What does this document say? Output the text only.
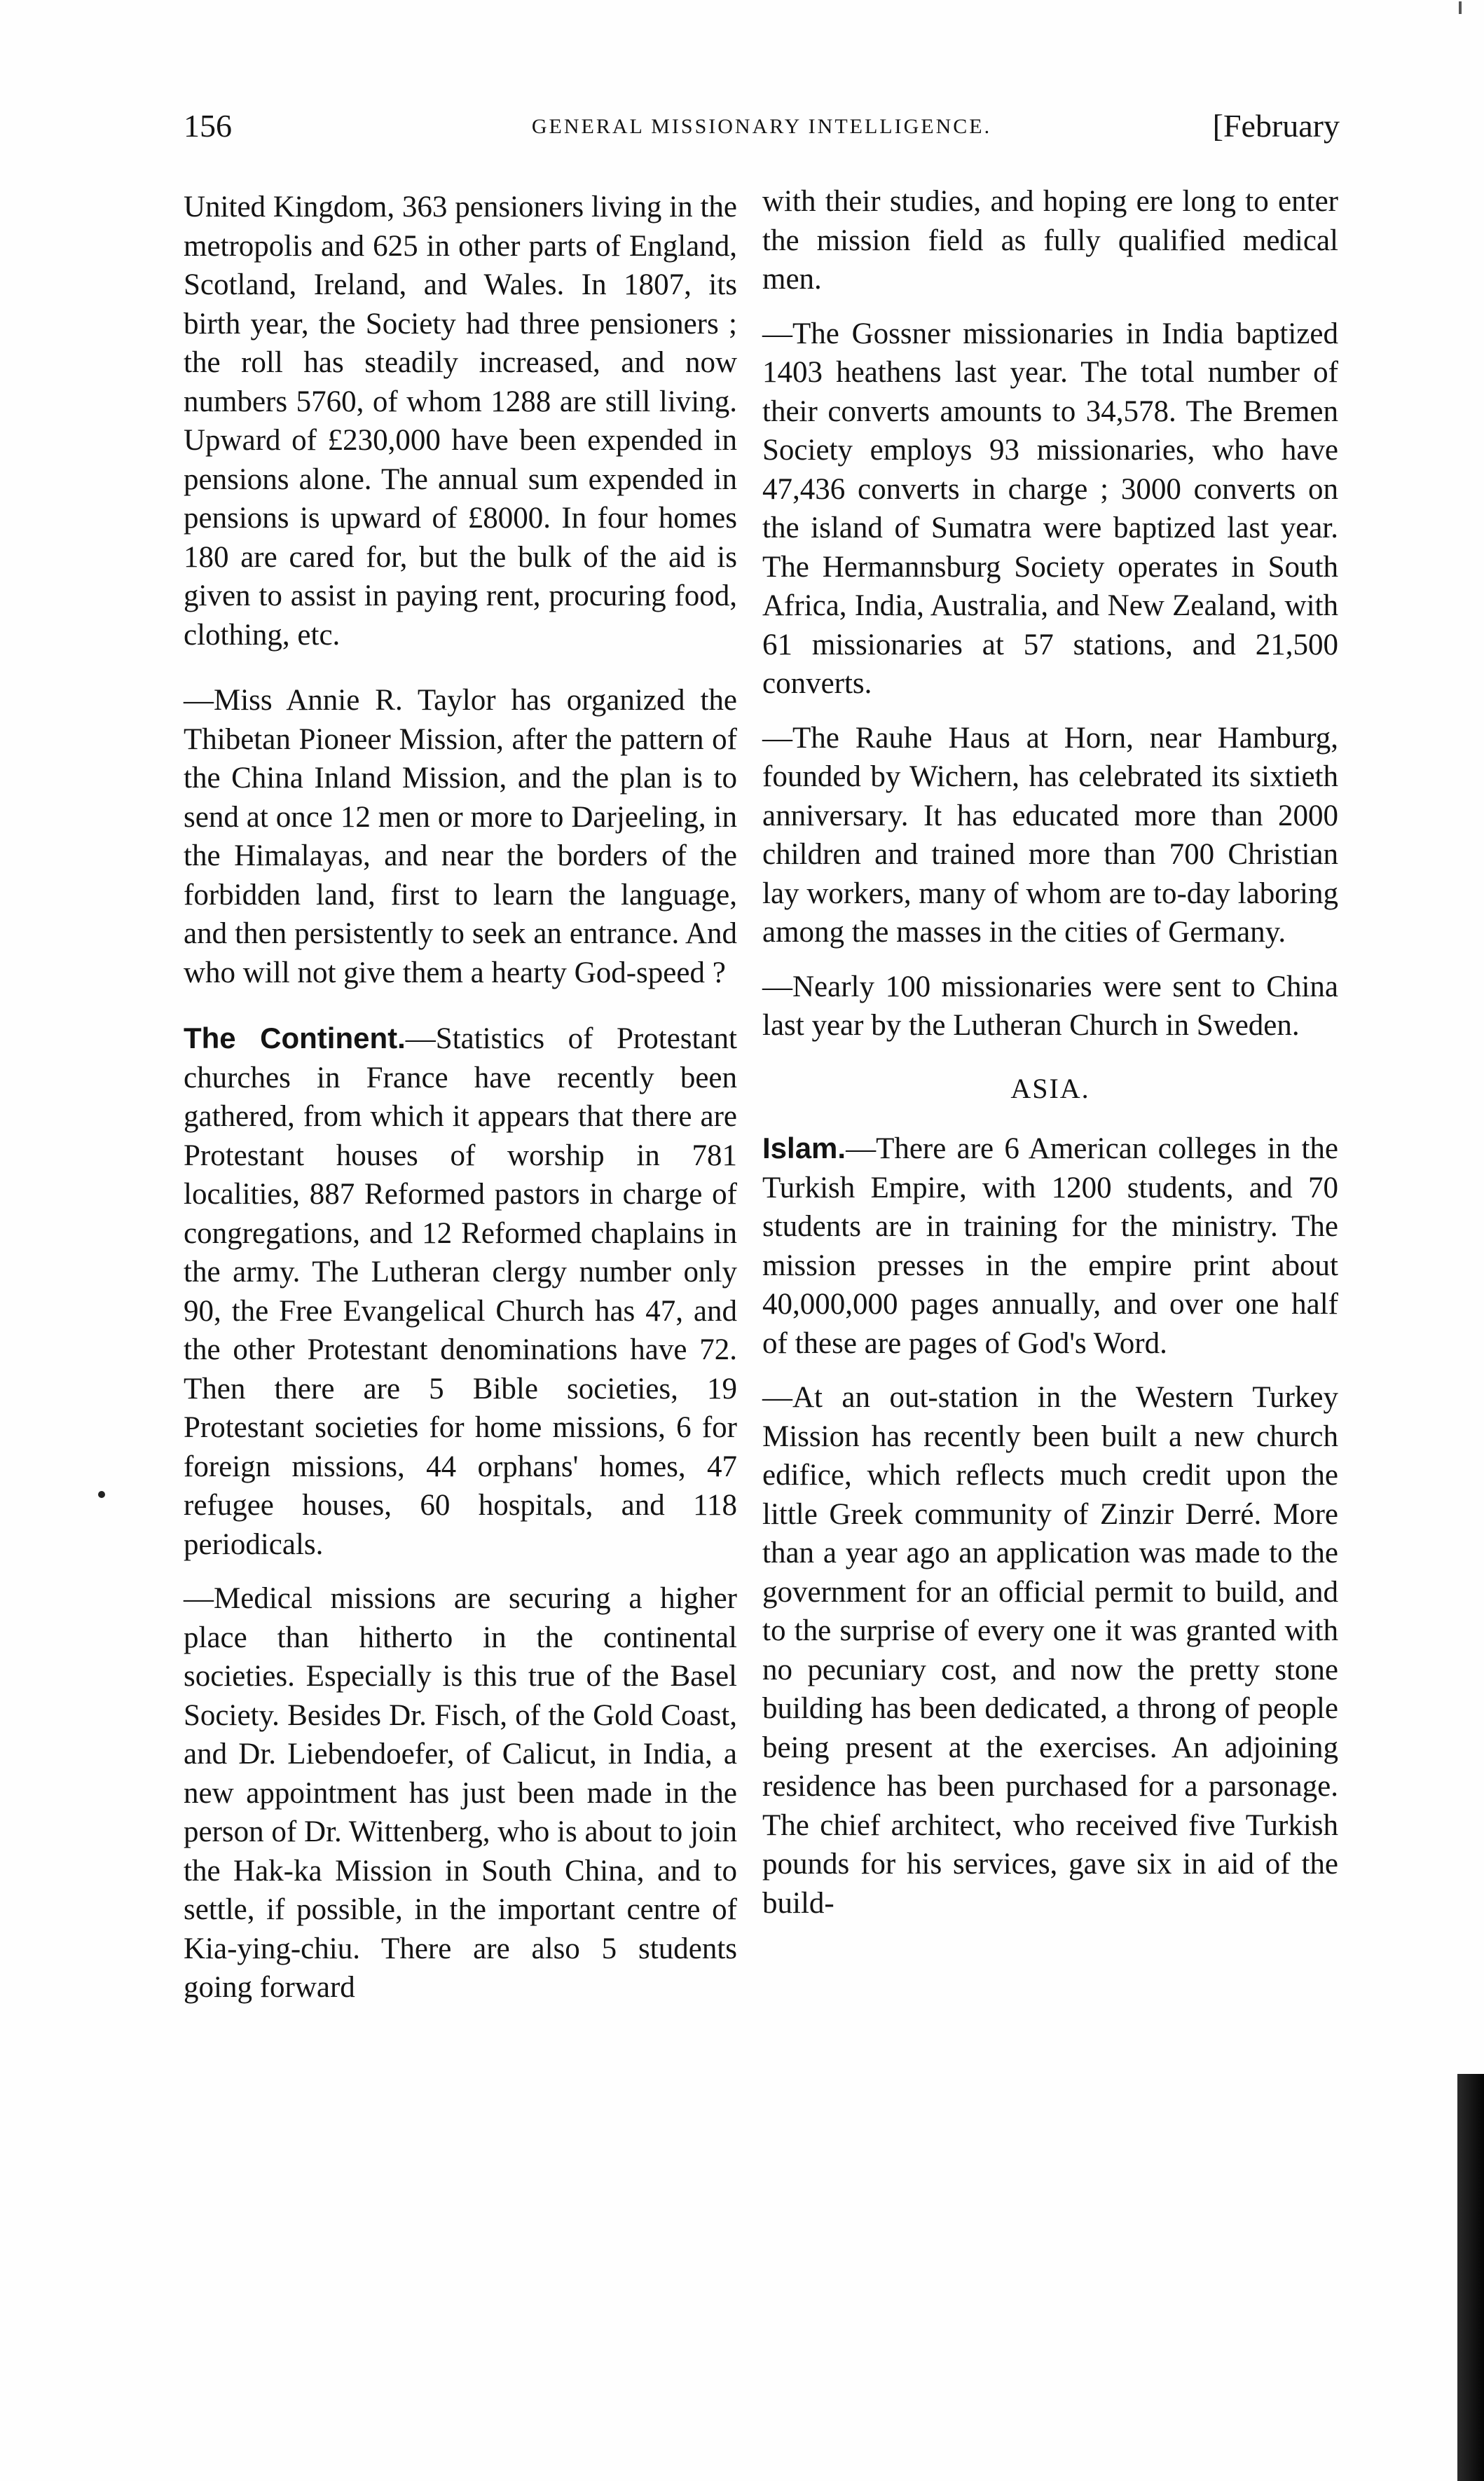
156	GENERAL MISSIONARY INTELLIGENCE.	[February

United Kingdom, 363 pensioners living in the metropolis and 625 in other parts of England, Scotland, Ireland, and Wales. In 1807, its birth year, the Society had three pensioners ; the roll has steadily increased, and now numbers 5760, of whom 1288 are still living. Upward of £230,000 have been expended in pensions alone. The annual sum expended in pensions is upward of £8000. In four homes 180 are cared for, but the bulk of the aid is given to assist in paying rent, procuring food, clothing, etc.

—Miss Annie R. Taylor has organized the Thibetan Pioneer Mission, after the pattern of the China Inland Mission, and the plan is to send at once 12 men or more to Darjeeling, in the Himalayas, and near the borders of the forbidden land, first to learn the language, and then persistently to seek an entrance. And who will not give them a hearty God-speed ?

The Continent.—Statistics of Protestant churches in France have recently been gathered, from which it appears that there are Protestant houses of worship in 781 localities, 887 Reformed pastors in charge of congregations, and 12 Reformed chaplains in the army. The Lutheran clergy number only 90, the Free Evangelical Church has 47, and the other Protestant denominations have 72. Then there are 5 Bible societies, 19 Protestant societies for home missions, 6 for foreign missions, 44 orphans' homes, 47 refugee houses, 60 hospitals, and 118 periodicals.

—Medical missions are securing a higher place than hitherto in the continental societies. Especially is this true of the Basel Society. Besides Dr. Fisch, of the Gold Coast, and Dr. Liebendoefer, of Calicut, in India, a new appointment has just been made in the person of Dr. Wittenberg, who is about to join the Hak-ka Mission in South China, and to settle, if possible, in the important centre of Kia-ying-chiu. There are also 5 students going forward

with their studies, and hoping ere long to enter the mission field as fully qualified medical men.

—The Gossner missionaries in India baptized 1403 heathens last year. The total number of their converts amounts to 34,578. The Bremen Society employs 93 missionaries, who have 47,436 converts in charge ; 3000 converts on the island of Sumatra were baptized last year. The Hermannsburg Society operates in South Africa, India, Australia, and New Zealand, with 61 missionaries at 57 stations, and 21,500 converts.

—The Rauhe Haus at Horn, near Hamburg, founded by Wichern, has celebrated its sixtieth anniversary. It has educated more than 2000 children and trained more than 700 Christian lay workers, many of whom are to-day laboring among the masses in the cities of Germany.

—Nearly 100 missionaries were sent to China last year by the Lutheran Church in Sweden.

ASIA.

Islam.—There are 6 American colleges in the Turkish Empire, with 1200 students, and 70 students are in training for the ministry. The mission presses in the empire print about 40,000,000 pages annually, and over one half of these are pages of God's Word.

—At an out-station in the Western Turkey Mission has recently been built a new church edifice, which reflects much credit upon the little Greek community of Zinzir Derré. More than a year ago an application was made to the government for an official permit to build, and to the surprise of every one it was granted with no pecuniary cost, and now the pretty stone building has been dedicated, a throng of people being present at the exercises. An adjoining residence has been purchased for a parsonage. The chief architect, who received five Turkish pounds for his services, gave six in aid of the build-
